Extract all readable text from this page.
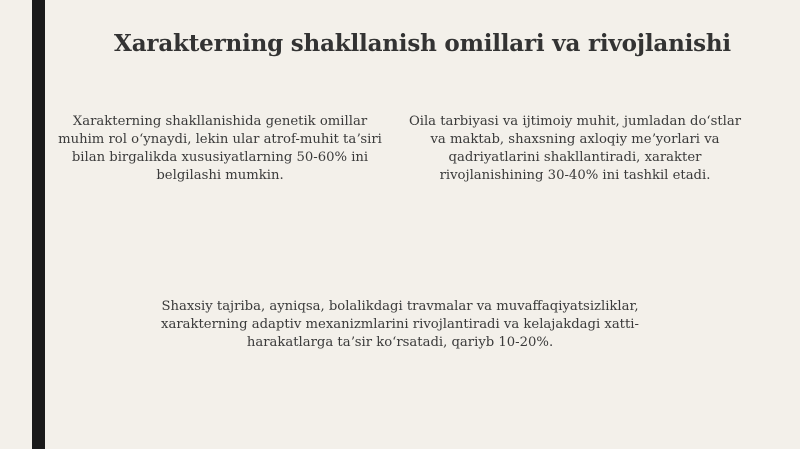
Xarakterning shakllanish omillari va rivojlanishi

Xarakterning shakllanishida genetik omillar muhim rol oʻynaydi, lekin ular atrof-muhit taʼsiri bilan birgalikda xususiyatlarning 50-60% ini belgilashi mumkin.

Oila tarbiyasi va ijtimoiy muhit, jumladan doʻstlar va maktab, shaxsning axloqiy meʼyorlari va qadriyatlarini shakllantiradi, xarakter rivojlanishining 30-40% ini tashkil etadi.

Shaxsiy tajriba, ayniqsa, bolalikdagi travmalar va muvaffaqiyatsizliklar, xarakterning adaptiv mexanizmlarini rivojlantiradi va kelajakdagi xatti-harakatlarga taʼsir koʻrsatadi, qariyb 10-20%.
